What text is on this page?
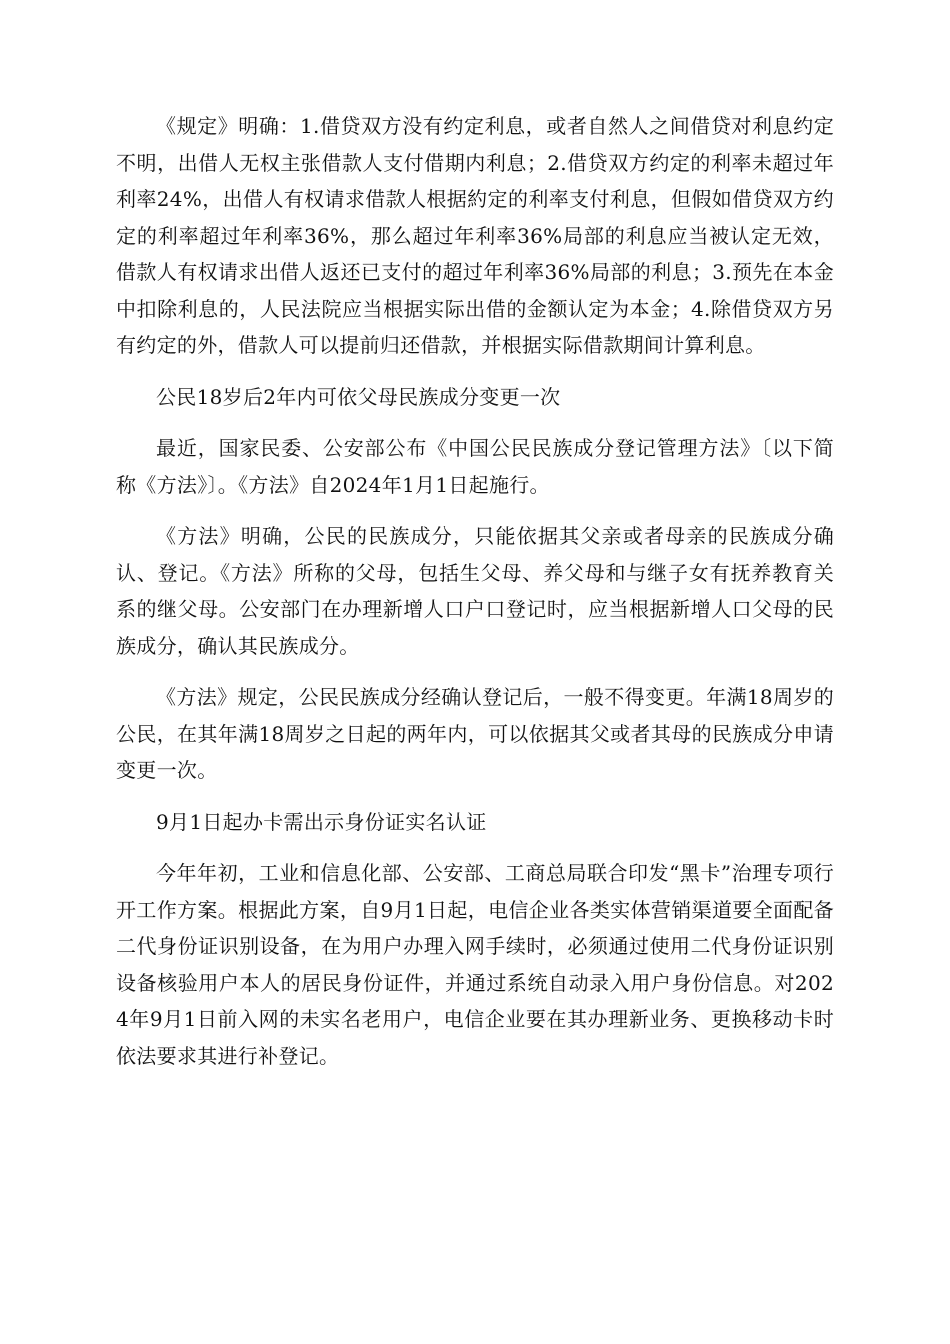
《规定》明确：1.借贷双方没有约定利息，或者自然人之间借贷对利息约定不明，出借人无权主张借款人支付借期内利息；2.借贷双方约定的利率未超过年利率24%，出借人有权请求借款人根据約定的利率支付利息，但假如借贷双方约定的利率超过年利率36%，那么超过年利率36%局部的利息应当被认定无效，借款人有权请求出借人返还已支付的超过年利率36%局部的利息；3.预先在本金中扣除利息的，人民法院应当根据实际出借的金额认定为本金；4.除借贷双方另有约定的外，借款人可以提前归还借款，并根据实际借款期间计算利息。

公民18岁后2年内可依父母民族成分变更一次

最近，国家民委、公安部公布《中国公民民族成分登记管理方法》〔以下简称《方法》〕。《方法》自2024年1月1日起施行。

《方法》明确，公民的民族成分，只能依据其父亲或者母亲的民族成分确认、登记。《方法》所称的父母，包括生父母、养父母和与继子女有抚养教育关系的继父母。公安部门在办理新增人口户口登记时，应当根据新增人口父母的民族成分，确认其民族成分。

《方法》规定，公民民族成分经确认登记后，一般不得变更。年满18周岁的公民，在其年满18周岁之日起的两年内，可以依据其父或者其母的民族成分申请变更一次。

9月1日起办卡需出示身份证实名认证

今年年初，工业和信息化部、公安部、工商总局联合印发“黑卡”治理专项行开工作方案。根据此方案，自9月1日起，电信企业各类实体营销渠道要全面配备二代身份证识别设备，在为用户办理入网手续时，必须通过使用二代身份证识别设备核验用户本人的居民身份证件，并通过系统自动录入用户身份信息。对2024年9月1日前入网的未实名老用户，电信企业要在其办理新业务、更换移动卡时依法要求其进行补登记。
